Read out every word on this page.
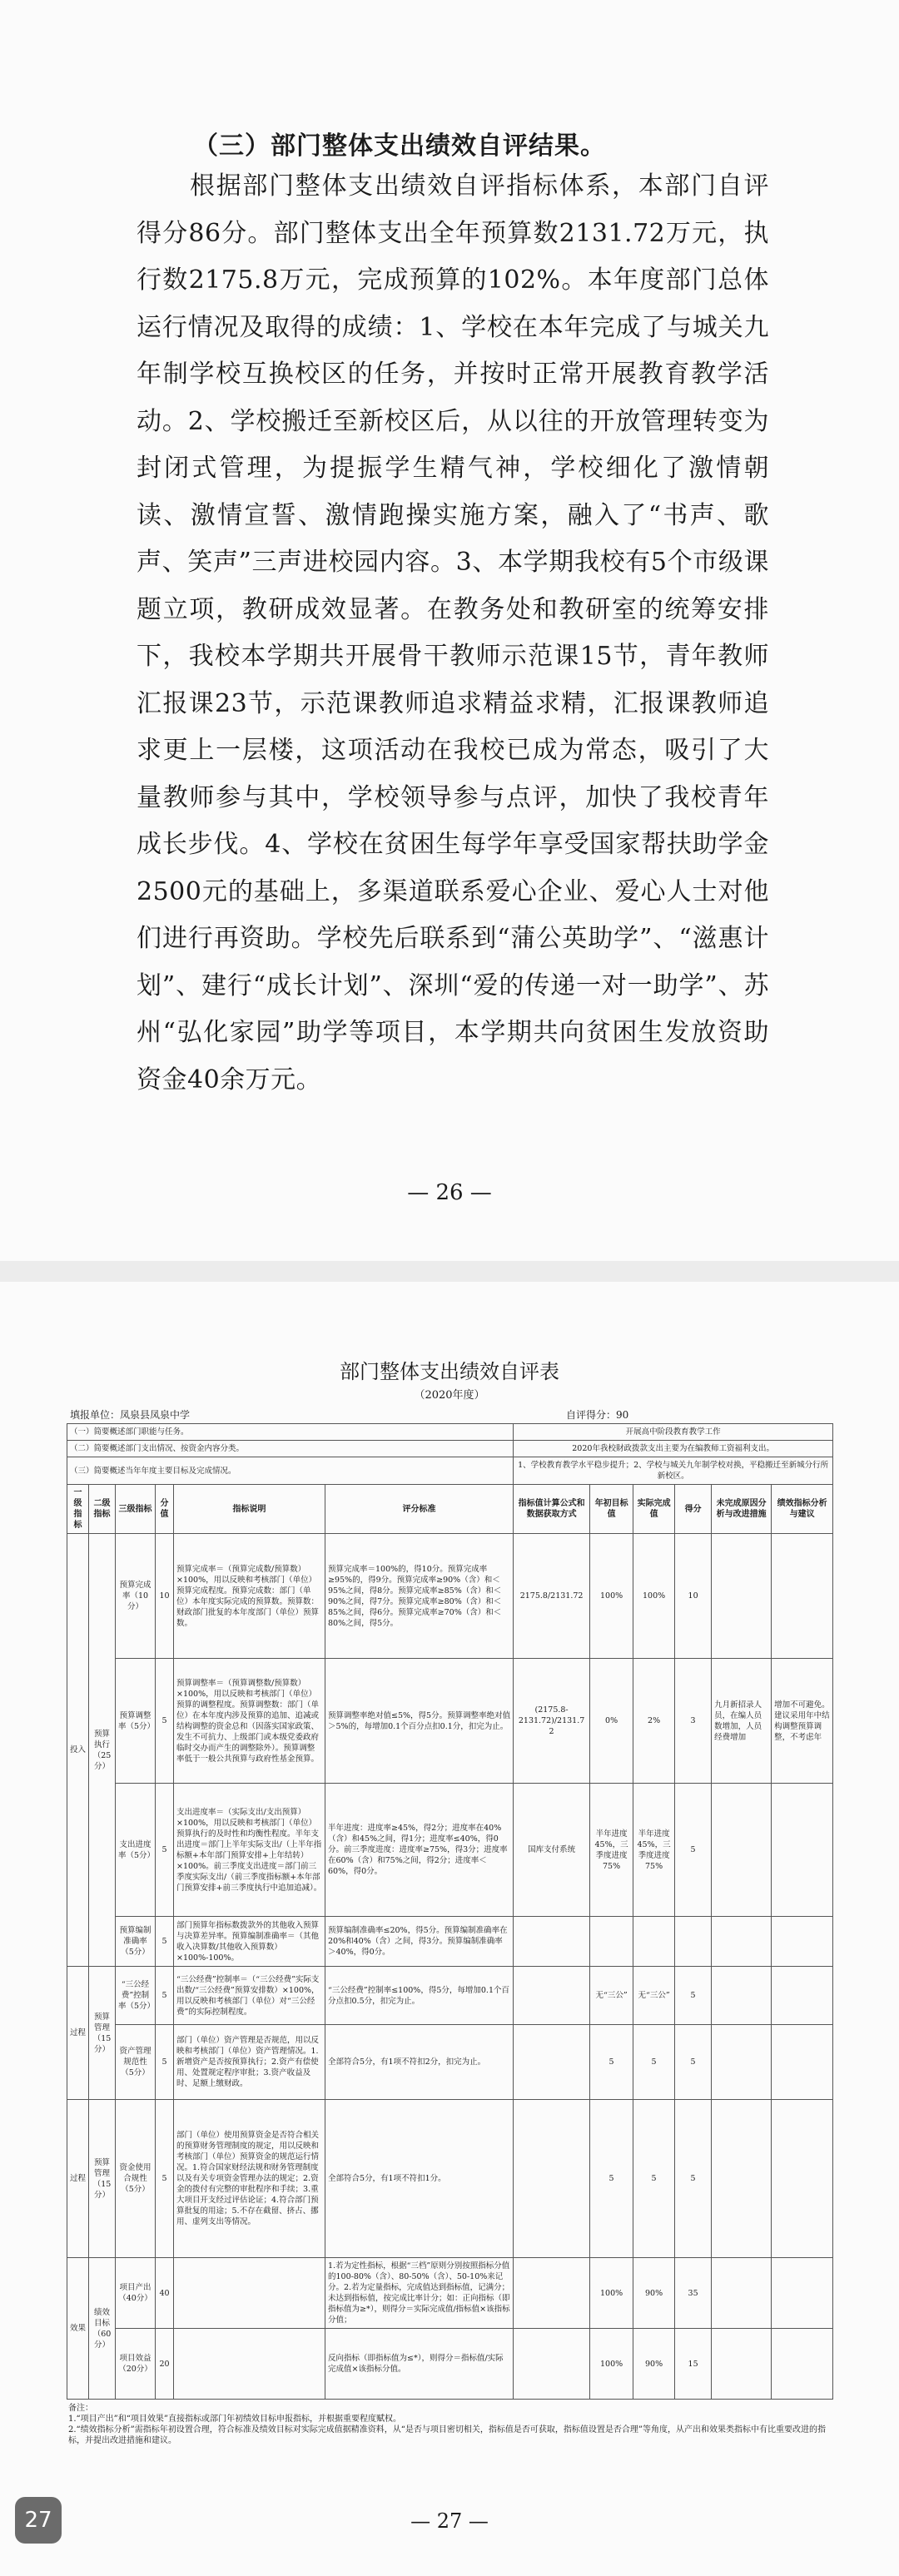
（三）部门整体支出绩效自评结果。
根据部门整体支出绩效自评指标体系，本部门自评得分86分。部门整体支出全年预算数2131.72万元，执行数2175.8万元，完成预算的102%。本年度部门总体运行情况及取得的成绩：1、学校在本年完成了与城关九年制学校互换校区的任务，并按时正常开展教育教学活动。2、学校搬迁至新校区后，从以往的开放管理转变为封闭式管理，为提振学生精气神，学校细化了激情朝读、激情宣誓、激情跑操实施方案，融入了“书声、歌声、笑声”三声进校园内容。3、本学期我校有5个市级课题立项，教研成效显著。在教务处和教研室的统筹安排下，我校本学期共开展骨干教师示范课15节，青年教师汇报课23节，示范课教师追求精益求精，汇报课教师追求更上一层楼，这项活动在我校已成为常态，吸引了大量教师参与其中，学校领导参与点评，加快了我校青年成长步伐。4、学校在贫困生每学年享受国家帮扶助学金2500元的基础上，多渠道联系爱心企业、爱心人士对他们进行再资助。学校先后联系到“蒲公英助学”、“滋惠计划”、建行“成长计划”、深圳“爱的传递一对一助学”、苏州“弘化家园”助学等项目，本学期共向贫困生发放资助资金40余万元。
— 26 —
部门整体支出绩效自评表
（2020年度）
填报单位：凤泉县凤泉中学	自评得分：90
（一）简要概述部门职能与任务。						开展高中阶段教育教学工作					
（二）简要概述部门支出情况、按资金内容分类。						2020年我校財政拨款支出主要为在编教师工资福利支出。					
（三）简要概述当年年度主要目标及完成情况。						1、学校教育教学水平稳步提升；2、学校与城关九年制学校对换，平稳搬迁至新城分行所新校区。					
一级指标	二级指标	三级指标	分值	指标说明	评分标准	指标值计算公式和数据获取方式	年初目标值	实际完成值	得分	未完成原因分析与改进措施	绩效指标分析与建议
投入	预算执行（25分）	预算完成率（10分）	10	预算完成率＝（预算完成数/预算数）×100%，用以反映和考核部门（单位）预算完成程度。预算完成数：部门（单位）本年度实际完成的预算数。预算数：财政部门批复的本年度部门（单位）预算数。	预算完成率＝100%的，得10分。预算完成率≥95%的，得9分。预算完成率≥90%（含）和＜95%之间，得8分。预算完成率≥85%（含）和＜90%之间，得7分。预算完成率≥80%（含）和＜85%之间，得6分。预算完成率≥70%（含）和＜80%之间，得5分。	2175.8/2131.72	100%	100%	10		
		预算调整率（5分）	5	预算调整率＝（预算调整数/预算数）×100%，用以反映和考核部门（单位）预算的调整程度。预算调整数：部门（单位）在本年度内涉及预算的追加、追减或结构调整的资金总和（因落实国家政策、发生不可抗力、上级部门或本级党委政府临时交办而产生的调整除外）。预算调整率低于一般公共预算与政府性基金预算。	预算调整率绝对值≤5%，得5分。预算调整率绝对值＞5%的，每增加0.1个百分点扣0.1分，扣完为止。	(2175.8-2131.72)/2131.72	0%	2%	3	九月新招录人员，在编人员数增加，人员经费增加	增加不可避免。建议采用年中结构调整预算调整，不考虑年
		支出进度率（5分）	5	支出进度率＝（实际支出/支出预算）×100%，用以反映和考核部门（单位）预算执行的及时性和均衡性程度。半年支出进度＝部门上半年实际支出/（上半年指标额+本年部门预算安排+上年结转）×100%。前三季度支出进度＝部门前三季度实际支出/（前三季度指标额+本年部门预算安排+前三季度执行中追加追减）。	半年进度：进度率≥45%，得2分；进度率在40%（含）和45%之间，得1分；进度率≤40%，得0分。前三季度进度：进度率≥75%，得3分；进度率在60%（含）和75%之间，得2分；进度率＜60%，得0分。	国库支付系统	半年进度45%，三季度进度75%	半年进度45%，三季度进度75%	5		
		预算编制准确率（5分）	5	部门预算年指标数拨款外的其他收入预算与决算差异率。预算编制准确率＝（其他收入决算数/其他收入预算数）×100%-100%。	预算编制准确率≤20%，得5分。预算编制准确率在20%和40%（含）之间，得3分。预算编制准确率＞40%，得0分。						
过程	预算管理（15分）	“三公经费”控制率（5分）	5	“三公经费”控制率＝（“三公经费”实际支出数/“三公经费”预算安排数）×100%，用以反映和考核部门（单位）对“三公经费”的实际控制程度。	“三公经费”控制率≤100%，得5分，每增加0.1个百分点扣0.5分，扣完为止。		无“三公”	无“三公”	5		
		资产管理规范性（5分）	5	部门（单位）资产管理是否规范，用以反映和考核部门（单位）资产管理情况。1.新增资产是否按预算执行；2.资产有偿使用、处置规定程序审批；3.资产收益及时、足额上缴财政。	全部符合5分，有1项不符扣2分，扣完为止。		5	5	5		
过程	预算管理（15分）	资金使用合规性（5分）	5	部门（单位）使用预算资金是否符合相关的预算财务管理制度的规定，用以反映和考核部门（单位）预算资金的规范运行情况。1.符合国家财经法规和财务管理制度以及有关专项资金管理办法的规定；2.资金的拨付有完整的审批程序和手续；3.重大项目开支经过评估论证；4.符合部门预算批复的用途；5.不存在截留、挤占、挪用、虚列支出等情况。	全部符合5分，有1项不符扣1分。		5	5	5		
效果	绩效目标（60分）	项目产出（40分）	40		1.若为定性指标，根据“三档”原则分别按照指标分值的100-80%（含）、80-50%（含）、50-10%来记分。2.若为定量指标，完成值达到指标值，记满分；未达到指标值，按完成比率计分；如：正向指标（即指标值为≥*），则得分＝实际完成值/指标值×该指标分值；		100%	90%	35		
		项目效益（20分）	20		反向指标（即指标值为≤*），则得分＝指标值/实际完成值×该指标分值。		100%	90%	15		
备注：
1.“项目产出”和“项目效果”直接指标或部门年初绩效目标申报指标，并根据重要程度赋权。
2.“绩效指标分析”需指标年初设置合理，符合标准及绩效目标对实际完成值据精准资料，从“是否与项目密切相关，指标值是否可获取，指标值设置是否合理”等角度，从产出和效果类指标中有比重要改进的指标，并提出改进措施和建议。
— 27 —
27
